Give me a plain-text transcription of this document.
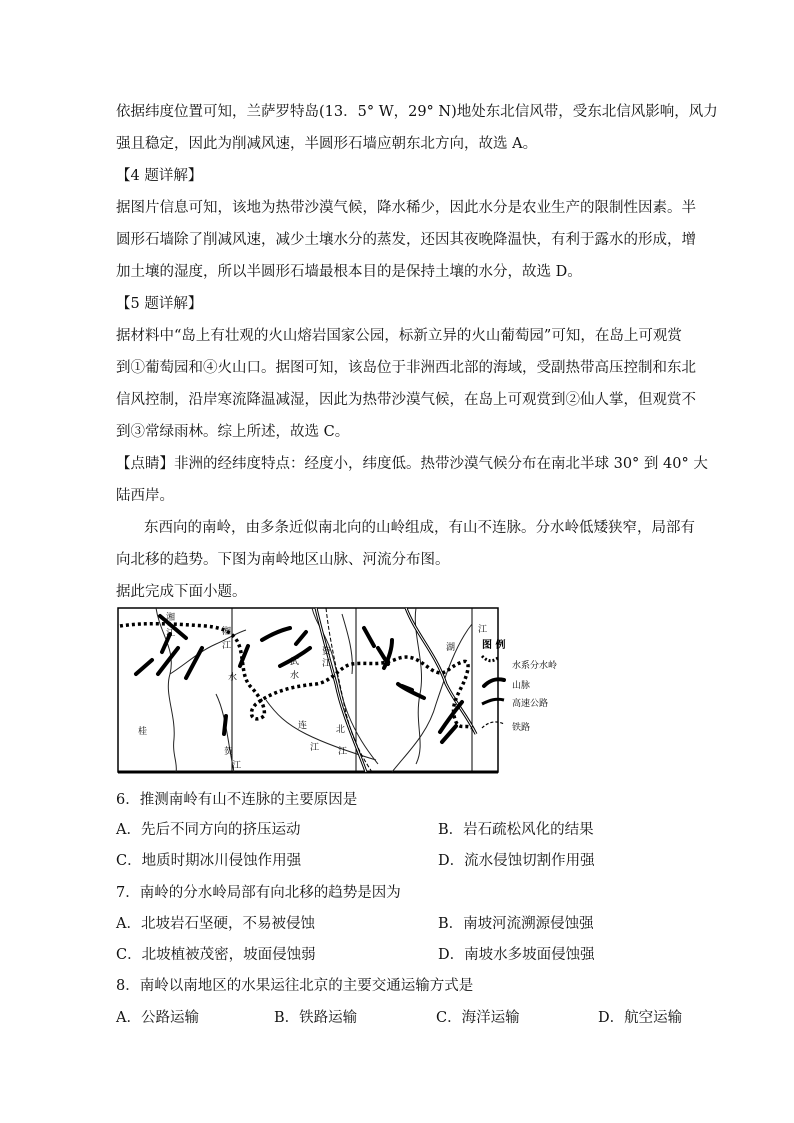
依据纬度位置可知，兰萨罗特岛(13．5° W，29° N)地处东北信风带，受东北信风影响，风力
强且稳定，因此为削减风速，半圆形石墙应朝东北方向，故选 A。
【4 题详解】
据图片信息可知，该地为热带沙漠气候，降水稀少，因此水分是农业生产的限制性因素。半
圆形石墙除了削减风速，减少土壤水分的蒸发，还因其夜晚降温快，有利于露水的形成，增
加土壤的湿度，所以半圆形石墙最根本目的是保持土壤的水分，故选 D。
【5 题详解】
据材料中“岛上有壮观的火山熔岩国家公园，标新立异的火山葡萄园”可知，在岛上可观赏
到①葡萄园和④火山口。据图可知，该岛位于非洲西北部的海域，受副热带高压控制和东北
信风控制，沿岸寒流降温减湿，因此为热带沙漠气候，在岛上可观赏到②仙人掌，但观赏不
到③常绿雨林。综上所述，故选 C。
【点睛】非洲的经纬度特点：经度小，纬度低。热带沙漠气候分布在南北半球 30° 到 40° 大
陆西岸。
东西向的南岭，由多条近似南北向的山岭组成，有山不连脉。分水岭低矮狭窄，局部有
向北移的趋势。下图为南岭地区山脉、河流分布图。
据此完成下面小题。
湘
江
水
北
江
连
桂
贺
江
江
湘
江
资
江
武
水
湖
江
图 例
水系分水岭
山脉
高速公路
铁路
6．推测南岭有山不连脉的主要原因是
A．先后不同方向的挤压运动	B．岩石疏松风化的结果
C．地质时期冰川侵蚀作用强	D．流水侵蚀切割作用强
7．南岭的分水岭局部有向北移的趋势是因为
A．北坡岩石坚硬，不易被侵蚀	B．南坡河流溯源侵蚀强
C．北坡植被茂密，坡面侵蚀弱	D．南坡水多坡面侵蚀强
8．南岭以南地区的水果运往北京的主要交通运输方式是
A．公路运输	B．铁路运输	C．海洋运输	D．航空运输
